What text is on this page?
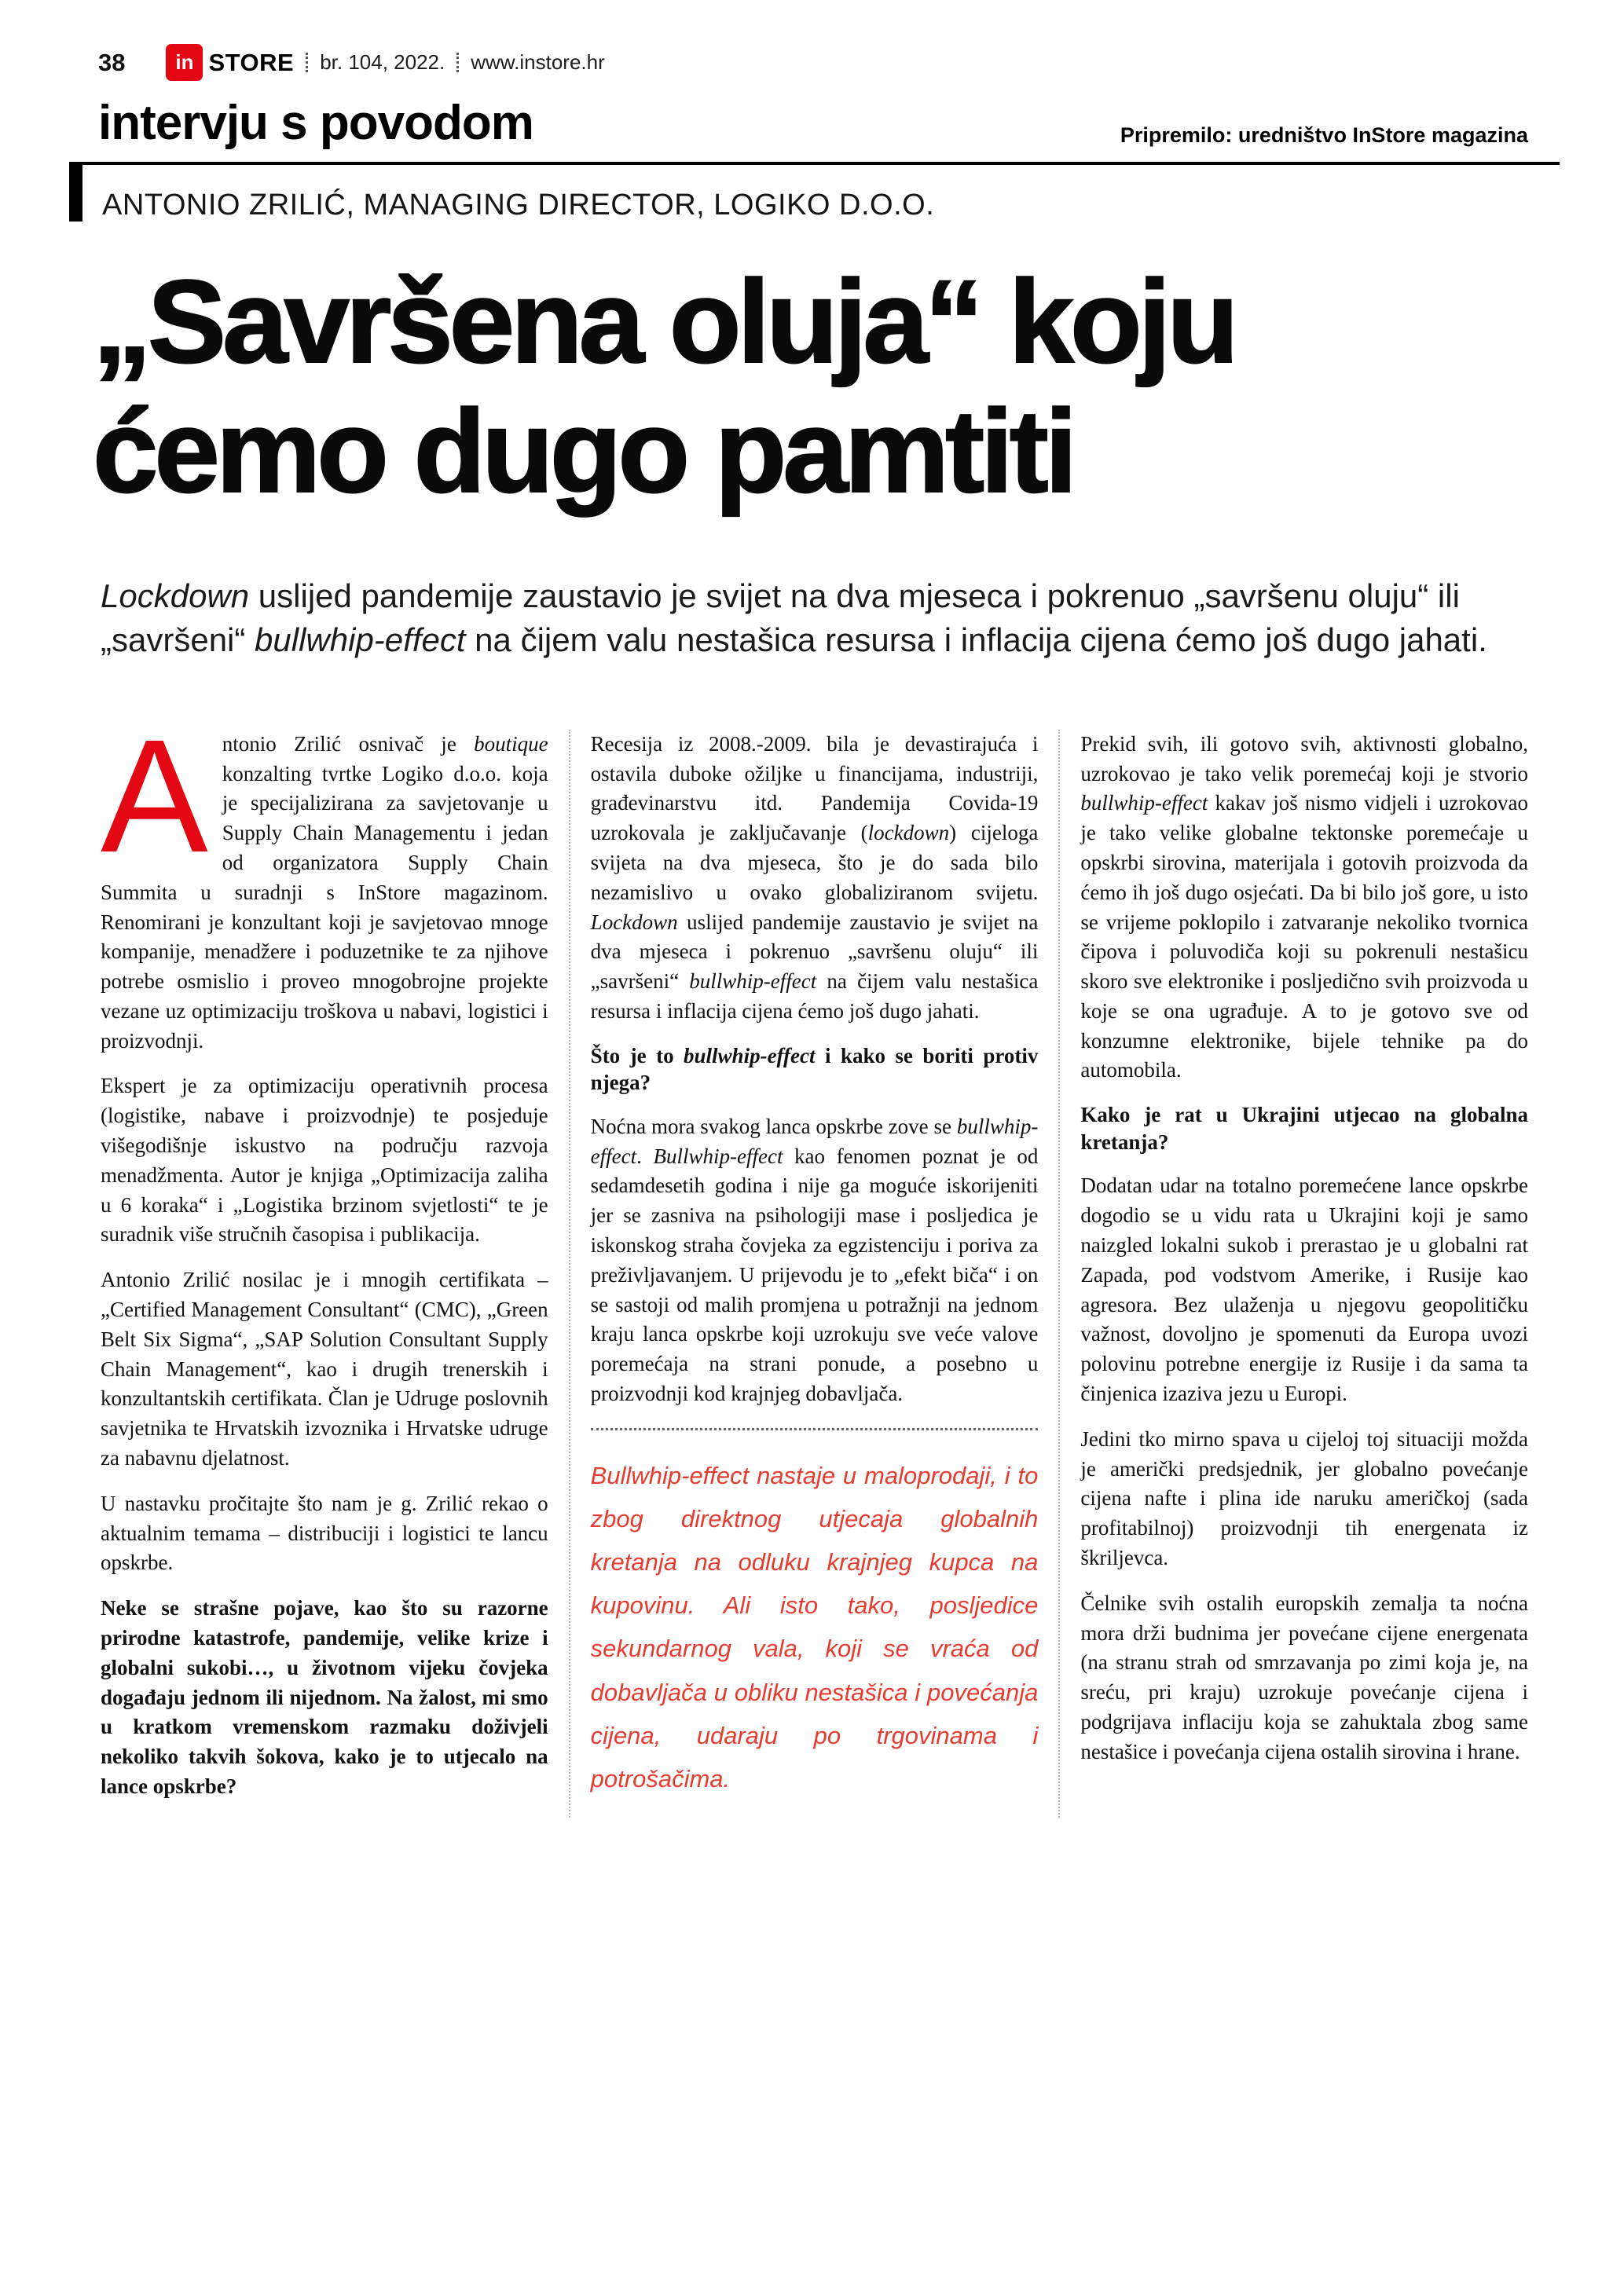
38	in STORE br. 104, 2022. www.instore.hr
intervju s povodom	Pripremilo: uredništvo InStore magazina
ANTONIO ZRILIĆ, MANAGING DIRECTOR, LOGIKO D.O.O.
„Savršena oluja“ koju
ćemo dugo pamtiti

Lockdown uslijed pandemije zaustavio je svijet na dva mjeseca i pokrenuo „savršenu oluju“ ili „savršeni“ bullwhip-effect na čijem valu nestašica resursa i inflacija cijena ćemo još dugo jahati.

Antonio Zrilić osnivač je boutique konzalting tvrtke Logiko d.o.o. koja je specijalizirana za savjetovanje u Supply Chain Managementu i jedan od organizatora Supply Chain Summita u suradnji s InStore magazinom. Renomirani je konzultant koji je savjetovao mnoge kompanije, menadžere i poduzetnike te za njihove potrebe osmislio i proveo mnogobrojne projekte vezane uz optimizaciju troškova u nabavi, logistici i proizvodnji.

Ekspert je za optimizaciju operativnih procesa (logistike, nabave i proizvodnje) te posjeduje višegodišnje iskustvo na području razvoja menadžmenta. Autor je knjiga „Optimizacija zaliha u 6 koraka“ i „Logistika brzinom svjetlosti“ te je suradnik više stručnih časopisa i publikacija.

Antonio Zrilić nosilac je i mnogih certifikata – „Certified Management Consultant“ (CMC), „Green Belt Six Sigma“, „SAP Solution Consultant Supply Chain Management“, kao i drugih trenerskih i konzultantskih certifikata. Član je Udruge poslovnih savjetnika te Hrvatskih izvoznika i Hrvatske udruge za nabavnu djelatnost.

U nastavku pročitajte što nam je g. Zrilić rekao o aktualnim temama – distribuciji i logistici te lancu opskrbe.

Neke se strašne pojave, kao što su razorne prirodne katastrofe, pandemije, velike krize i globalni sukobi…, u životnom vijeku čovjeka događaju jednom ili nijednom. Na žalost, mi smo u kratkom vremenskom razmaku doživjeli nekoliko takvih šokova, kako je to utjecalo na lance opskrbe?

Recesija iz 2008.-2009. bila je devastirajuća i ostavila duboke ožiljke u financijama, industriji, građevinarstvu itd. Pandemija Covida-19 uzrokovala je zaključavanje (lockdown) cijeloga svijeta na dva mjeseca, što je do sada bilo nezamislivo u ovako globaliziranom svijetu. Lockdown uslijed pandemije zaustavio je svijet na dva mjeseca i pokrenuo „savršenu oluju“ ili „savršeni“ bullwhip-effect na čijem valu nestašica resursa i inflacija cijena ćemo još dugo jahati.

Što je to bullwhip-effect i kako se boriti protiv njega?

Noćna mora svakog lanca opskrbe zove se bullwhip-effect. Bullwhip-effect kao fenomen poznat je od sedamdesetih godina i nije ga moguće iskorijeniti jer se zasniva na psihologiji mase i posljedica je iskonskog straha čovjeka za egzistenciju i poriva za preživljavanjem. U prijevodu je to „efekt biča“ i on se sastoji od malih promjena u potražnji na jednom kraju lanca opskrbe koji uzrokuju sve veće valove poremećaja na strani ponude, a posebno u proizvodnji kod krajnjeg dobavljača.

Bullwhip-effect nastaje u maloprodaji, i to zbog direktnog utjecaja globalnih kretanja na odluku krajnjeg kupca na kupovinu. Ali isto tako, posljedice sekundarnog vala, koji se vraća od dobavljača u obliku nestašica i povećanja cijena, udaraju po trgovinama i potrošačima.

Prekid svih, ili gotovo svih, aktivnosti globalno, uzrokovao je tako velik poremećaj koji je stvorio bullwhip-effect kakav još nismo vidjeli i uzrokovao je tako velike globalne tektonske poremećaje u opskrbi sirovina, materijala i gotovih proizvoda da ćemo ih još dugo osjećati. Da bi bilo još gore, u isto se vrijeme poklopilo i zatvaranje nekoliko tvornica čipova i poluvodiča koji su pokrenuli nestašicu skoro sve elektronike i posljedično svih proizvoda u koje se ona ugrađuje. A to je gotovo sve od konzumne elektronike, bijele tehnike pa do automobila.

Kako je rat u Ukrajini utjecao na globalna kretanja?

Dodatan udar na totalno poremećene lance opskrbe dogodio se u vidu rata u Ukrajini koji je samo naizgled lokalni sukob i prerastao je u globalni rat Zapada, pod vodstvom Amerike, i Rusije kao agresora. Bez ulaženja u njegovu geopolitičku važnost, dovoljno je spomenuti da Europa uvozi polovinu potrebne energije iz Rusije i da sama ta činjenica izaziva jezu u Europi.

Jedini tko mirno spava u cijeloj toj situaciji možda je američki predsjednik, jer globalno povećanje cijena nafte i plina ide naruku američkoj (sada profitabilnoj) proizvodnji tih energenata iz škriljevca.

Čelnike svih ostalih europskih zemalja ta noćna mora drži budnima jer povećane cijene energenata (na stranu strah od smrzavanja po zimi koja je, na sreću, pri kraju) uzrokuje povećanje cijena i podgrijava inflaciju koja se zahuktala zbog same nestašice i povećanja cijena ostalih sirovina i hrane.
